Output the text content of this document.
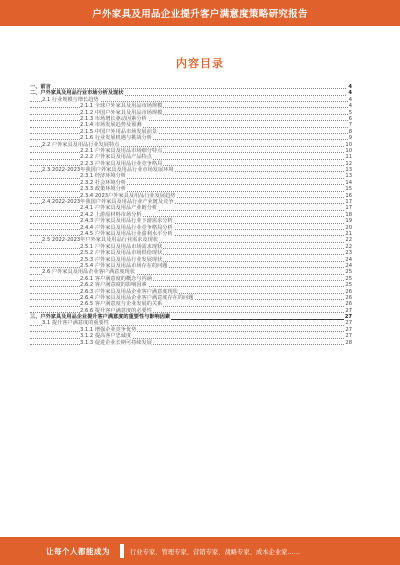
户外家具及用品企业提升客户满意度策略研究报告
内容目录
一、前言	4
二、户外家具及用品行业市场分析及现状	4
2.1 行业规模与增长趋势	4
2.1.1 全球户外家具及用品市场规模	4
2.1.2 中国户外家具及用品市场规模	5
2.1.3 市场增长驱动因素分析	6
2.1.4 市场发展趋势及预测	7
2.1.5 中国户外用品市场发展前景	8
2.1.6 行业发展机遇与挑战分析	9
2.2 户外家具及用品行业发展特点	10
2.2.1 户外家具及用品市场细分特点	10
2.2.2 户外家具及用品产品特点	11
2.2.3 户外家具及用品行业竞争格局	12
2.3 2022-2023年我国户外家具及用品行业市场发展环境	13
2.3.1 经济环境分析	13
2.3.2 社会环境分析	14
2.3.3 政策环境分析	15
2.3.4 2023户外家具及用品行业发展趋势	16
2.4 2022-2023年我国户外家具及用品行业产业链及竞争	17
2.4.1 户外家具及用品产业链分析	17
2.4.2 上游原材料市场分析	18
2.4.3 户外家具及用品行业下游需求分析	19
2.4.4 户外家具及用品行业竞争格局分析	20
2.4.5 户外家具及用品行业盈利水平分析	21
2.5 2022-2023年户外家具及用品行业需求及现状	22
2.5.1 户外家具及用品市场需求现状	22
2.5.2 户外家具及用品市场供给现状	23
2.5.3 户外家具及用品行业发展现状	24
2.5.4 户外家具及用品市场存在的问题	24
2.6 户外家具及用品企业客户满意度现状	25
2.6.1 客户满意度的概念与内涵	25
2.6.2 客户满意度的影响因素	25
2.6.3 户外家具及用品企业客户满意度现状	26
2.6.4 户外家具及用品企业客户满意度存在的问题	26
2.6.5 客户满意度与企业发展的关系	26
2.6.6 提升客户满意度的必要性	27
三、户外家具及用品企业提升客户满意度的重要性与影响因素	27
3.1 提升客户满意度的重要性	27
3.1.1 增强企业竞争优势	27
3.1.2 提高客户忠诚度	27
3.1.3 促进企业长期可持续发展	28
让每个人都能成为	行业专家、管理专家、营销专家、战略专家、成本企业家……
